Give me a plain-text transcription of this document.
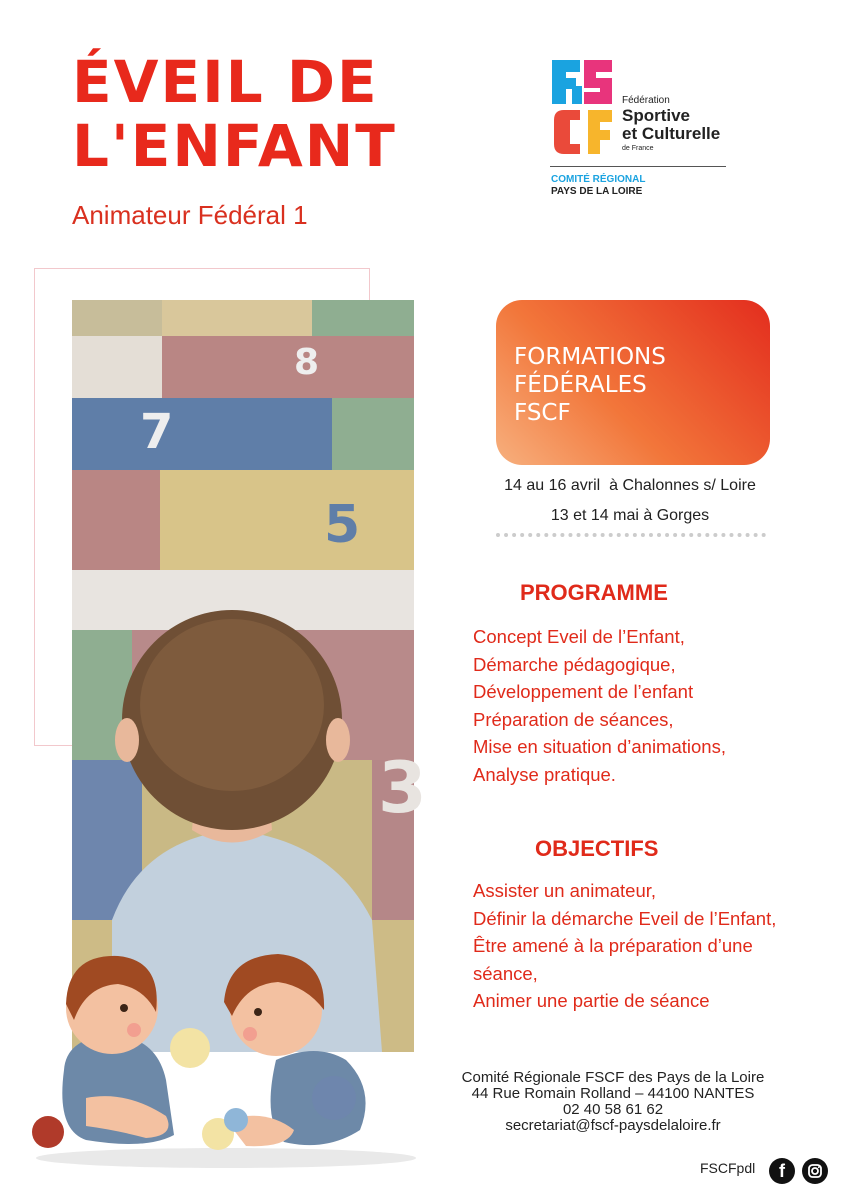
ÉVEIL DE
L'ENFANT
Animateur Fédéral 1
Fédération
Sportive
et Culturelle
de France
COMITÉ RÉGIONAL
PAYS DE LA LOIRE
8
7
5
3
FORMATIONS
FÉDÉRALES
FSCF
14 au 16 avril  à Chalonnes s/ Loire
13 et 14 mai à Gorges
PROGRAMME
Concept Eveil de l’Enfant,
Démarche pédagogique,
Développement de l’enfant
Préparation de séances,
Mise en situation d’animations,
Analyse pratique.
OBJECTIFS
Assister un animateur,
Définir la démarche Eveil de l’Enfant,
Être amené à la préparation d’une
séance,
Animer une partie de séance
Comité Régionale FSCF des Pays de la Loire
44 Rue Romain Rolland – 44100 NANTES
02 40 58 61 62
secretariat@fscf-paysdelaloire.fr
FSCFpdl	f
